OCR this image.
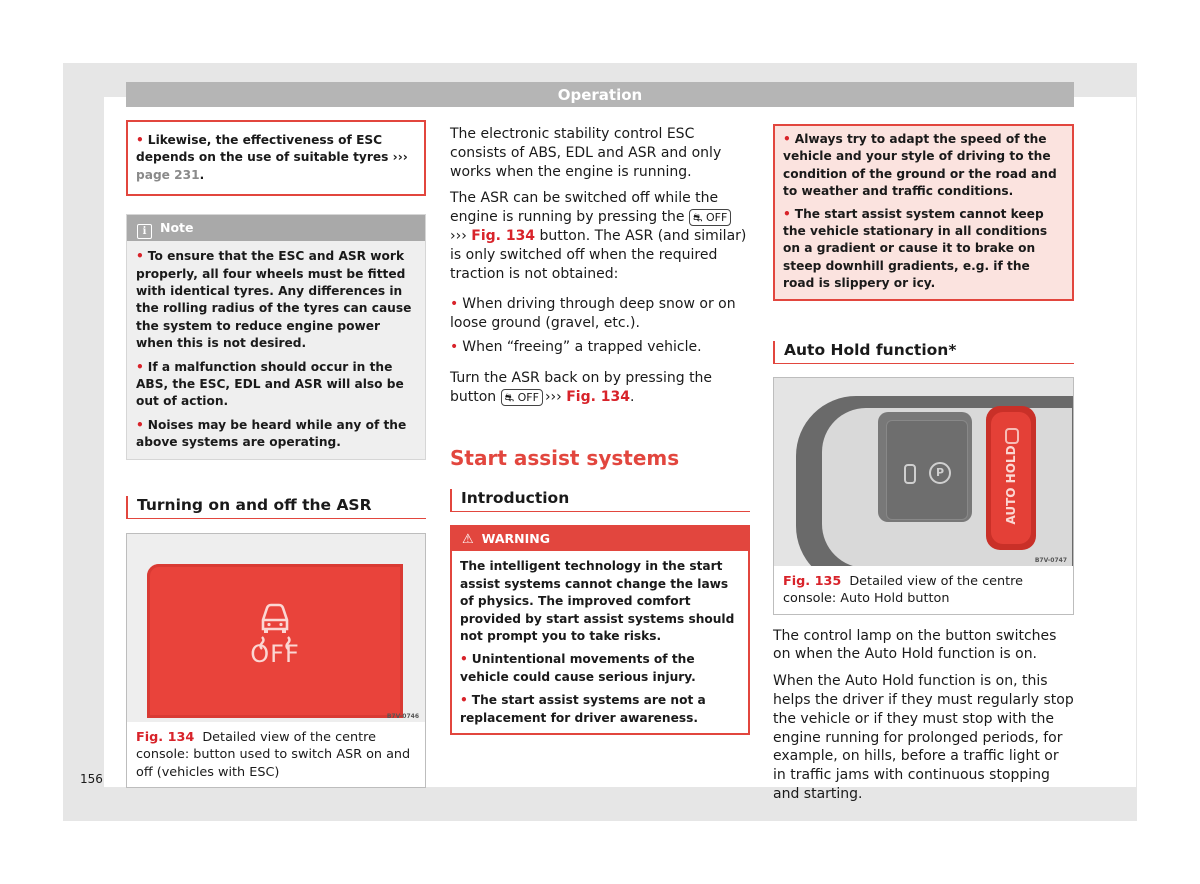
Operation

• Likewise, the effectiveness of ESC depends on the use of suitable tyres ››› page 231.

i Note

• To ensure that the ESC and ASR work properly, all four wheels must be fitted with identical tyres. Any differences in the rolling radius of the tyres can cause the system to reduce engine power when this is not desired.

• If a malfunction should occur in the ABS, the ESC, EDL and ASR will also be out of action.

• Noises may be heard while any of the above systems are operating.

Turning on and off the ASR
OFF
B7V-0746
Fig. 134 Detailed view of the centre console: button used to switch ASR on and off (vehicles with ESC)

The electronic stability control ESC consists of ABS, EDL and ASR and only works when the engine is running.

The ASR can be switched off while the engine is running by pressing the ⛐ OFF››› Fig. 134 button. The ASR (and similar) is only switched off when the required traction is not obtained:

• When driving through deep snow or on loose ground (gravel, etc.).

• When “freeing” a trapped vehicle.

Turn the ASR back on by pressing the button ⛐ OFF ››› Fig. 134.

Start assist systems
Introduction
⚠ WARNING

The intelligent technology in the start assist systems cannot change the laws of physics. The improved comfort provided by start assist systems should not prompt you to take risks.

• Unintentional movements of the vehicle could cause serious injury.

• The start assist systems are not a replacement for driver awareness.

• Always try to adapt the speed of the vehicle and your style of driving to the condition of the ground or the road and to weather and traffic conditions.

• The start assist system cannot keep the vehicle stationary in all conditions on a gradient or cause it to brake on steep downhill gradients, e.g. if the road is slippery or icy.

Auto Hold function*
P	AUTO HOLD
B7V-0747
Fig. 135 Detailed view of the centre console: Auto Hold button

The control lamp on the button switches on when the Auto Hold function is on.

When the Auto Hold function is on, this helps the driver if they must regularly stop the vehicle or if they must stop with the engine running for prolonged periods, for example, on hills, before a traffic light or in traffic jams with continuous stopping and starting.

156
